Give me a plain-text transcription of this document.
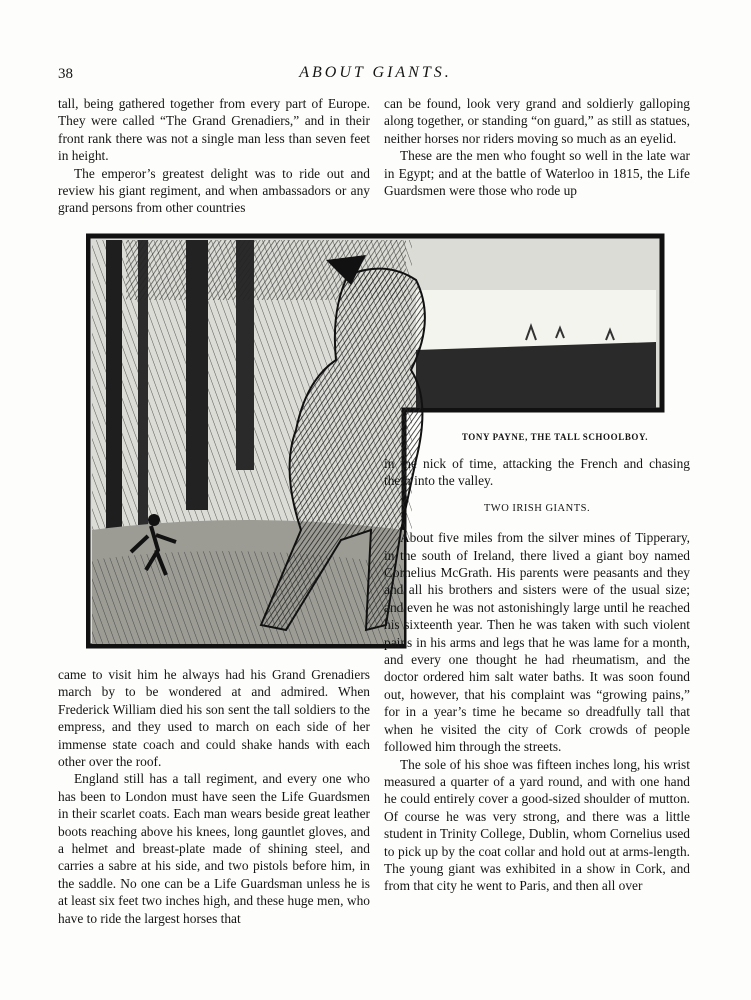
38	ABOUT GIANTS.

tall, being gathered together from every part of Europe. They were called “The Grand Grenadiers,” and in their front rank there was not a single man less than seven feet in height.

The emperor’s greatest delight was to ride out and review his giant regiment, and when ambassadors or any grand persons from other countries

can be found, look very grand and soldierly galloping along together, or standing “on guard,” as still as statues, neither horses nor riders moving so much as an eyelid.

These are the men who fought so well in the late war in Egypt; and at the battle of Waterloo in 1815, the Life Guardsmen were those who rode up

TONY PAYNE, THE TALL SCHOOLBOY.

in the nick of time, attacking the French and chasing them into the valley.

TWO IRISH GIANTS.

About five miles from the silver mines of Tipperary, in the south of Ireland, there lived a giant boy named Cornelius McGrath. His parents were peasants and they and all his brothers and sisters were of the usual size; and even he was not astonishingly large until he reached his sixteenth year. Then he was taken with such violent pains in his arms and legs that he was lame for a month, and every one thought he had rheumatism, and the doctor ordered him salt water baths. It was soon found out, however, that his complaint was “growing pains,” for in a year’s time he became so dreadfully tall that when he visited the city of Cork crowds of people followed him through the streets.

The sole of his shoe was fifteen inches long, his wrist measured a quarter of a yard round, and with one hand he could entirely cover a good-sized shoulder of mutton. Of course he was very strong, and there was a little student in Trinity College, Dublin, whom Cornelius used to pick up by the coat collar and hold out at arms-length. The young giant was exhibited in a show in Cork, and from that city he went to Paris, and then all over

came to visit him he always had his Grand Grenadiers march by to be wondered at and admired. When Frederick William died his son sent the tall soldiers to the empress, and they used to march on each side of her immense state coach and could shake hands with each other over the roof.

England still has a tall regiment, and every one who has been to London must have seen the Life Guardsmen in their scarlet coats. Each man wears beside great leather boots reaching above his knees, long gauntlet gloves, and a helmet and breast-plate made of shining steel, and carries a sabre at his side, and two pistols before him, in the saddle. No one can be a Life Guardsman unless he is at least six feet two inches high, and these huge men, who have to ride the largest horses that
